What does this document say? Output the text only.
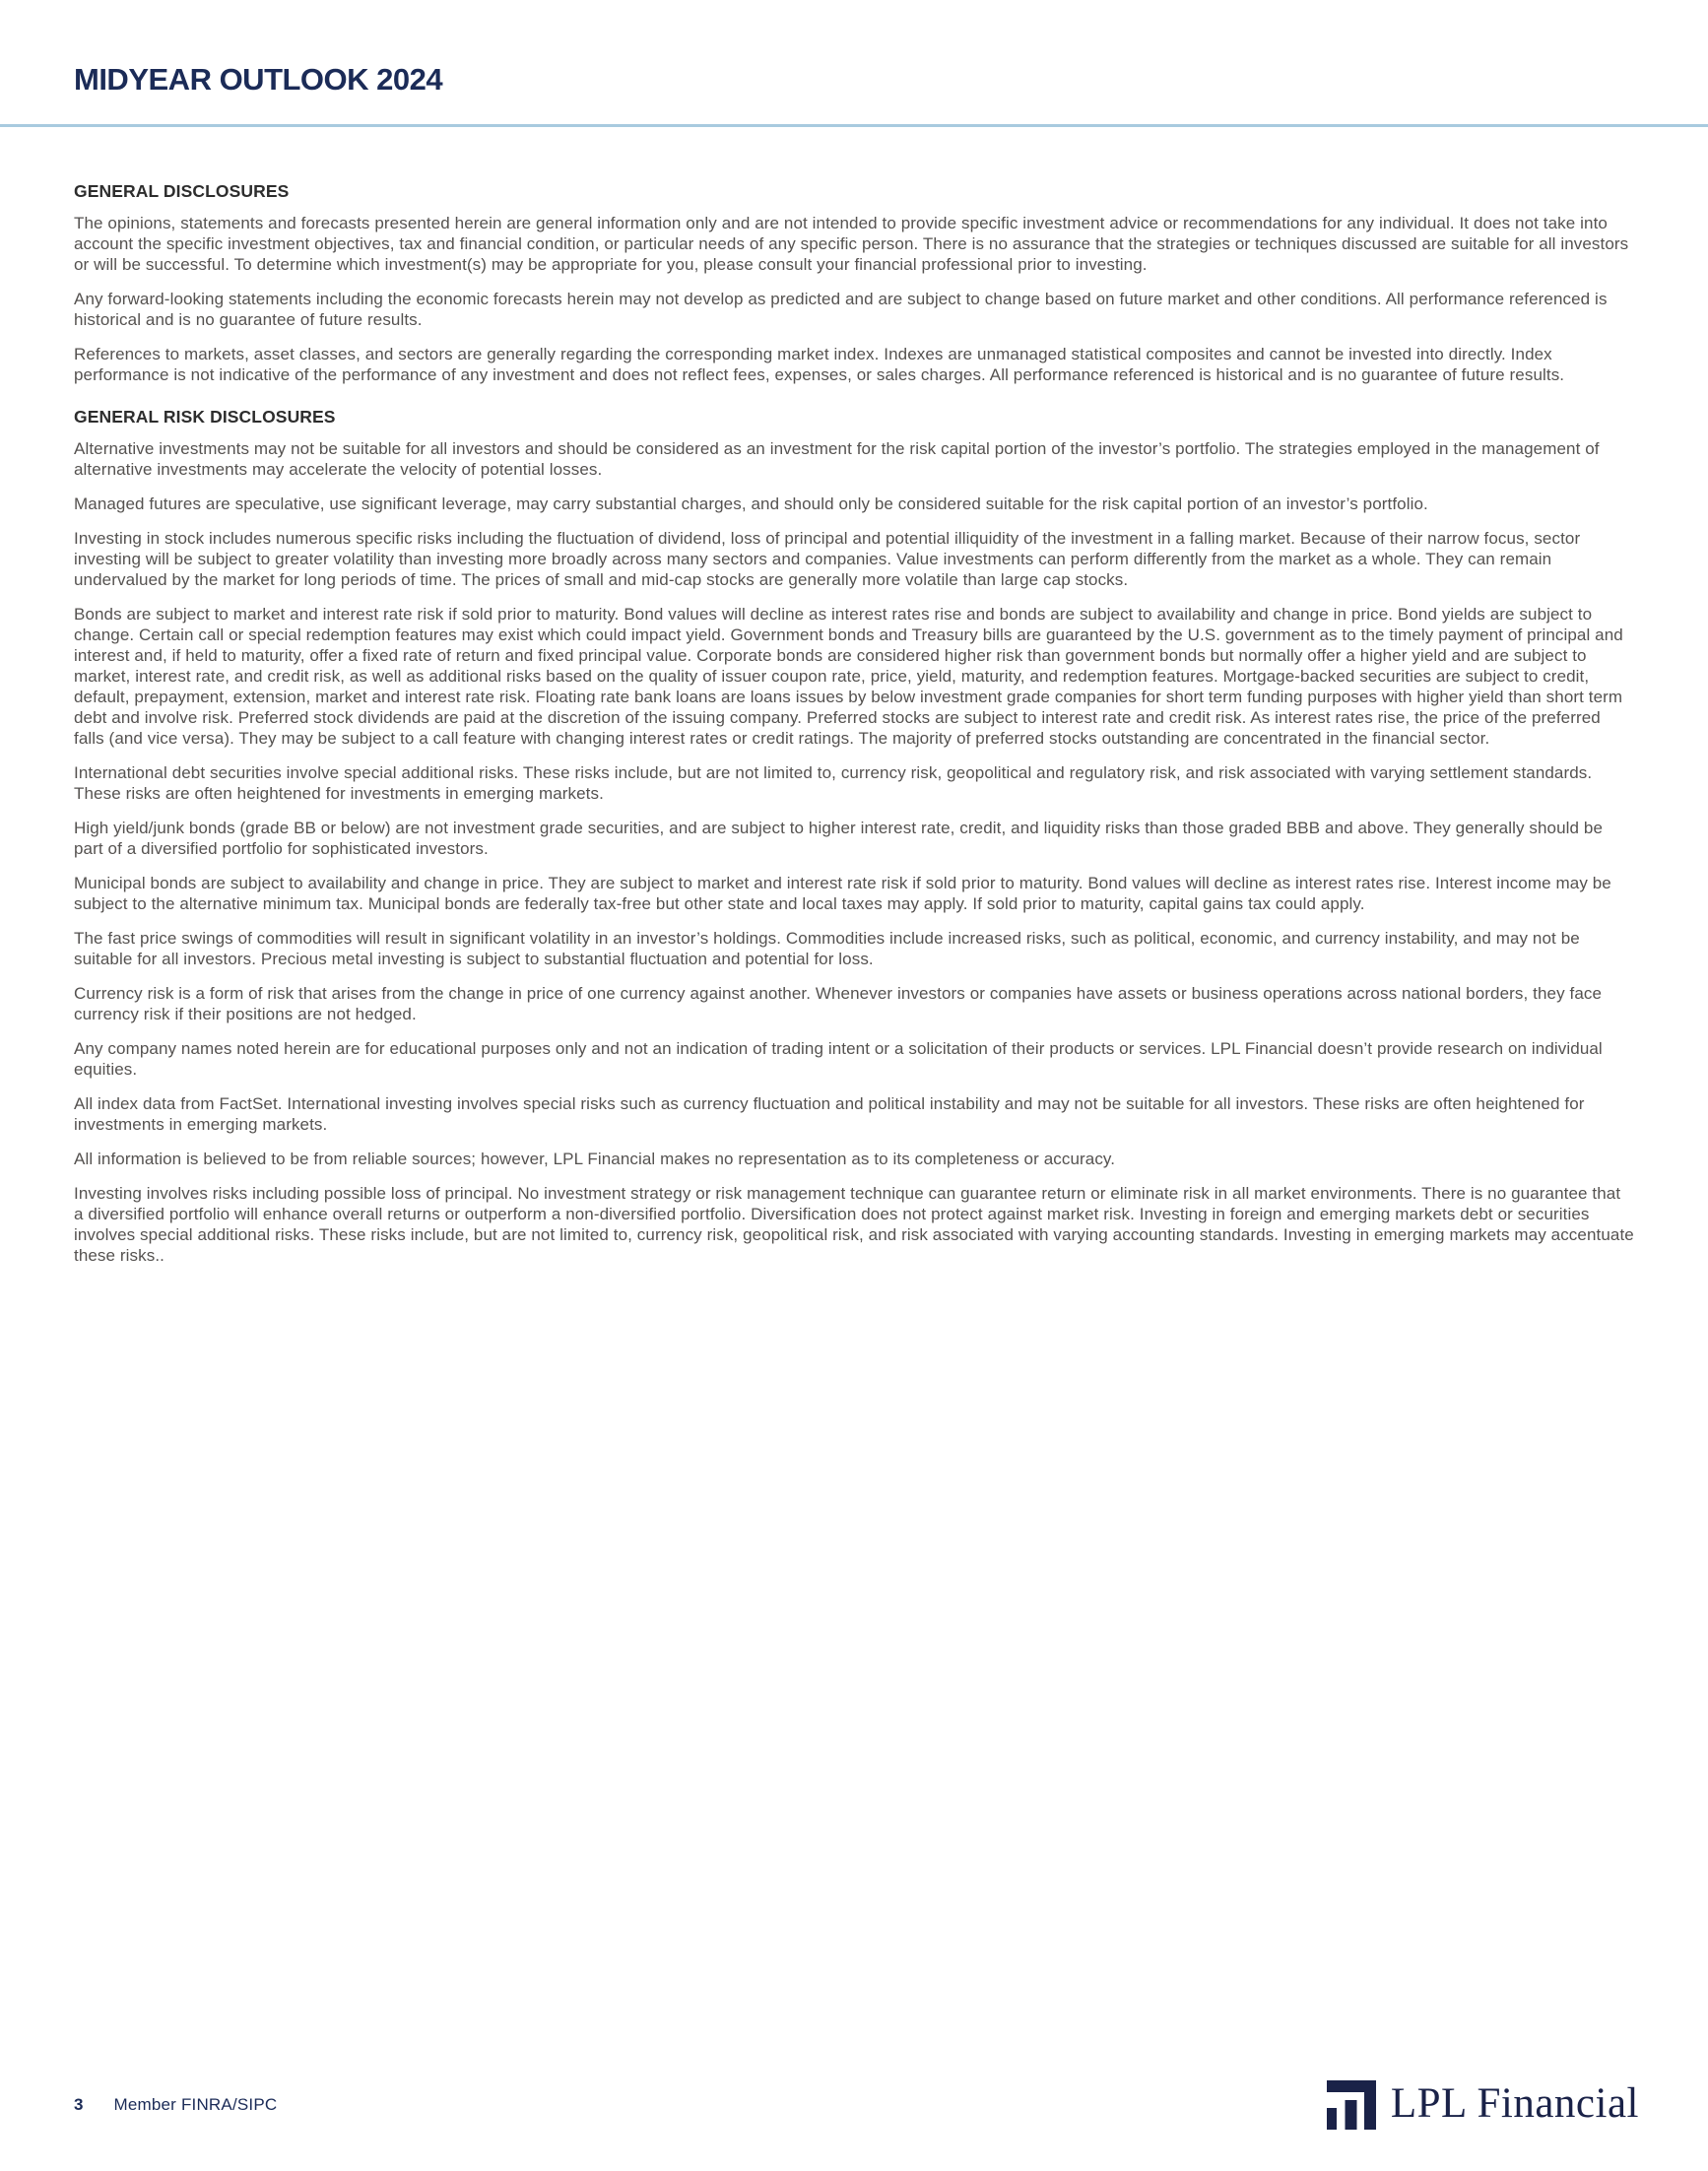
MIDYEAR OUTLOOK 2024
GENERAL DISCLOSURES

The opinions, statements and forecasts presented herein are general information only and are not intended to provide specific investment advice or recommendations for any individual. It does not take into account the specific investment objectives, tax and financial condition, or particular needs of any specific person. There is no assurance that the strategies or techniques discussed are suitable for all investors or will be successful. To determine which investment(s) may be appropriate for you, please consult your financial professional prior to investing.

Any forward-looking statements including the economic forecasts herein may not develop as predicted and are subject to change based on future market and other conditions. All performance referenced is historical and is no guarantee of future results.

References to markets, asset classes, and sectors are generally regarding the corresponding market index. Indexes are unmanaged statistical composites and cannot be invested into directly. Index performance is not indicative of the performance of any investment and does not reflect fees, expenses, or sales charges. All performance referenced is historical and is no guarantee of future results.

GENERAL RISK DISCLOSURES

Alternative investments may not be suitable for all investors and should be considered as an investment for the risk capital portion of the investor’s portfolio. The strategies employed in the management of alternative investments may accelerate the velocity of potential losses.

Managed futures are speculative, use significant leverage, may carry substantial charges, and should only be considered suitable for the risk capital portion of an investor’s portfolio.

Investing in stock includes numerous specific risks including the fluctuation of dividend, loss of principal and potential illiquidity of the investment in a falling market. Because of their narrow focus, sector investing will be subject to greater volatility than investing more broadly across many sectors and companies. Value investments can perform differently from the market as a whole. They can remain undervalued by the market for long periods of time. The prices of small and mid-cap stocks are generally more volatile than large cap stocks.

Bonds are subject to market and interest rate risk if sold prior to maturity. Bond values will decline as interest rates rise and bonds are subject to availability and change in price. Bond yields are subject to change. Certain call or special redemption features may exist which could impact yield. Government bonds and Treasury bills are guaranteed by the U.S. government as to the timely payment of principal and interest and, if held to maturity, offer a fixed rate of return and fixed principal value. Corporate bonds are considered higher risk than government bonds but normally offer a higher yield and are subject to market, interest rate, and credit risk, as well as additional risks based on the quality of issuer coupon rate, price, yield, maturity, and redemption features. Mortgage-backed securities are subject to credit, default, prepayment, extension, market and interest rate risk. Floating rate bank loans are loans issues by below investment grade companies for short term funding purposes with higher yield than short term debt and involve risk. Preferred stock dividends are paid at the discretion of the issuing company. Preferred stocks are subject to interest rate and credit risk. As interest rates rise, the price of the preferred falls (and vice versa). They may be subject to a call feature with changing interest rates or credit ratings. The majority of preferred stocks outstanding are concentrated in the financial sector.

International debt securities involve special additional risks. These risks include, but are not limited to, currency risk, geopolitical and regulatory risk, and risk associated with varying settlement standards. These risks are often heightened for investments in emerging markets.

High yield/junk bonds (grade BB or below) are not investment grade securities, and are subject to higher interest rate, credit, and liquidity risks than those graded BBB and above. They generally should be part of a diversified portfolio for sophisticated investors.

Municipal bonds are subject to availability and change in price. They are subject to market and interest rate risk if sold prior to maturity. Bond values will decline as interest rates rise. Interest income may be subject to the alternative minimum tax. Municipal bonds are federally tax-free but other state and local taxes may apply. If sold prior to maturity, capital gains tax could apply.

The fast price swings of commodities will result in significant volatility in an investor’s holdings. Commodities include increased risks, such as political, economic, and currency instability, and may not be suitable for all investors. Precious metal investing is subject to substantial fluctuation and potential for loss.

Currency risk is a form of risk that arises from the change in price of one currency against another. Whenever investors or companies have assets or business operations across national borders, they face currency risk if their positions are not hedged.

Any company names noted herein are for educational purposes only and not an indication of trading intent or a solicitation of their products or services. LPL Financial doesn’t provide research on individual equities.

All index data from FactSet. International investing involves special risks such as currency fluctuation and political instability and may not be suitable for all investors. These risks are often heightened for investments in emerging markets.

All information is believed to be from reliable sources; however, LPL Financial makes no representation as to its completeness or accuracy.

Investing involves risks including possible loss of principal. No investment strategy or risk management technique can guarantee return or eliminate risk in all market environments. There is no guarantee that a diversified portfolio will enhance overall returns or outperform a non-diversified portfolio. Diversification does not protect against market risk. Investing in foreign and emerging markets debt or securities involves special additional risks. These risks include, but are not limited to, currency risk, geopolitical risk, and risk associated with varying accounting standards. Investing in emerging markets may accentuate these risks..

3 Member FINRA/SIPC	LPL Financial
